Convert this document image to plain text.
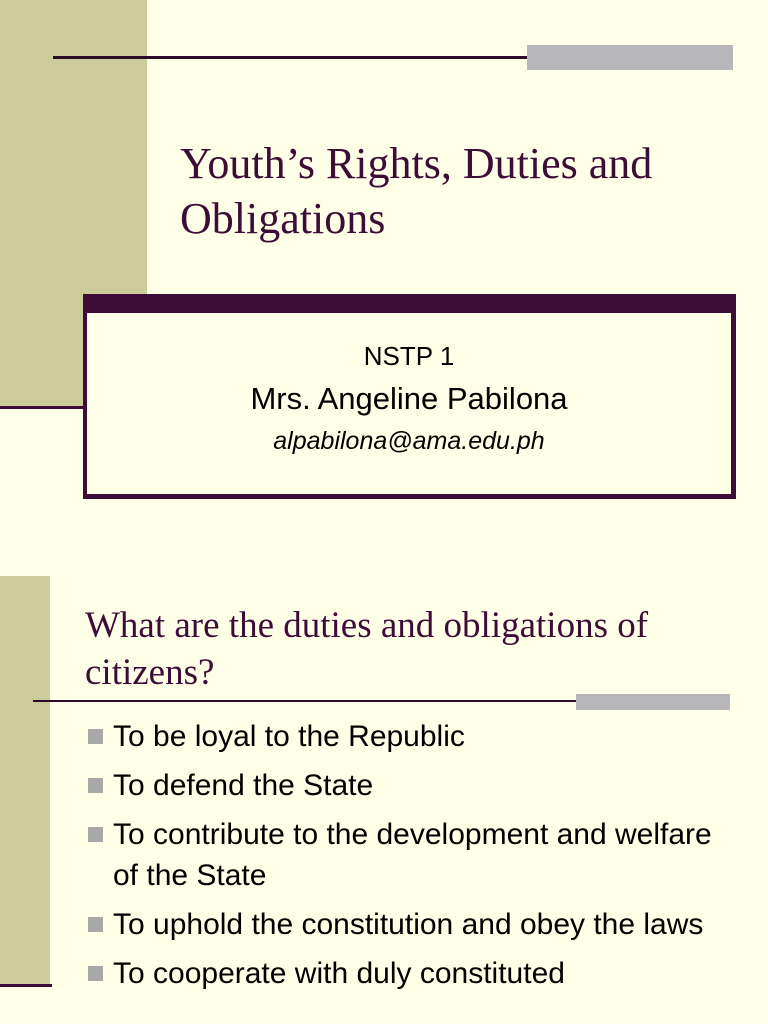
Youth’s Rights, Duties and Obligations
NSTP 1
Mrs. Angeline Pabilona
alpabilona@ama.edu.ph
What are the duties and obligations of citizens?
To be loyal to the Republic
To defend the State
To contribute to the development and welfare of the State
To uphold the constitution and obey the laws
To cooperate with duly constituted
